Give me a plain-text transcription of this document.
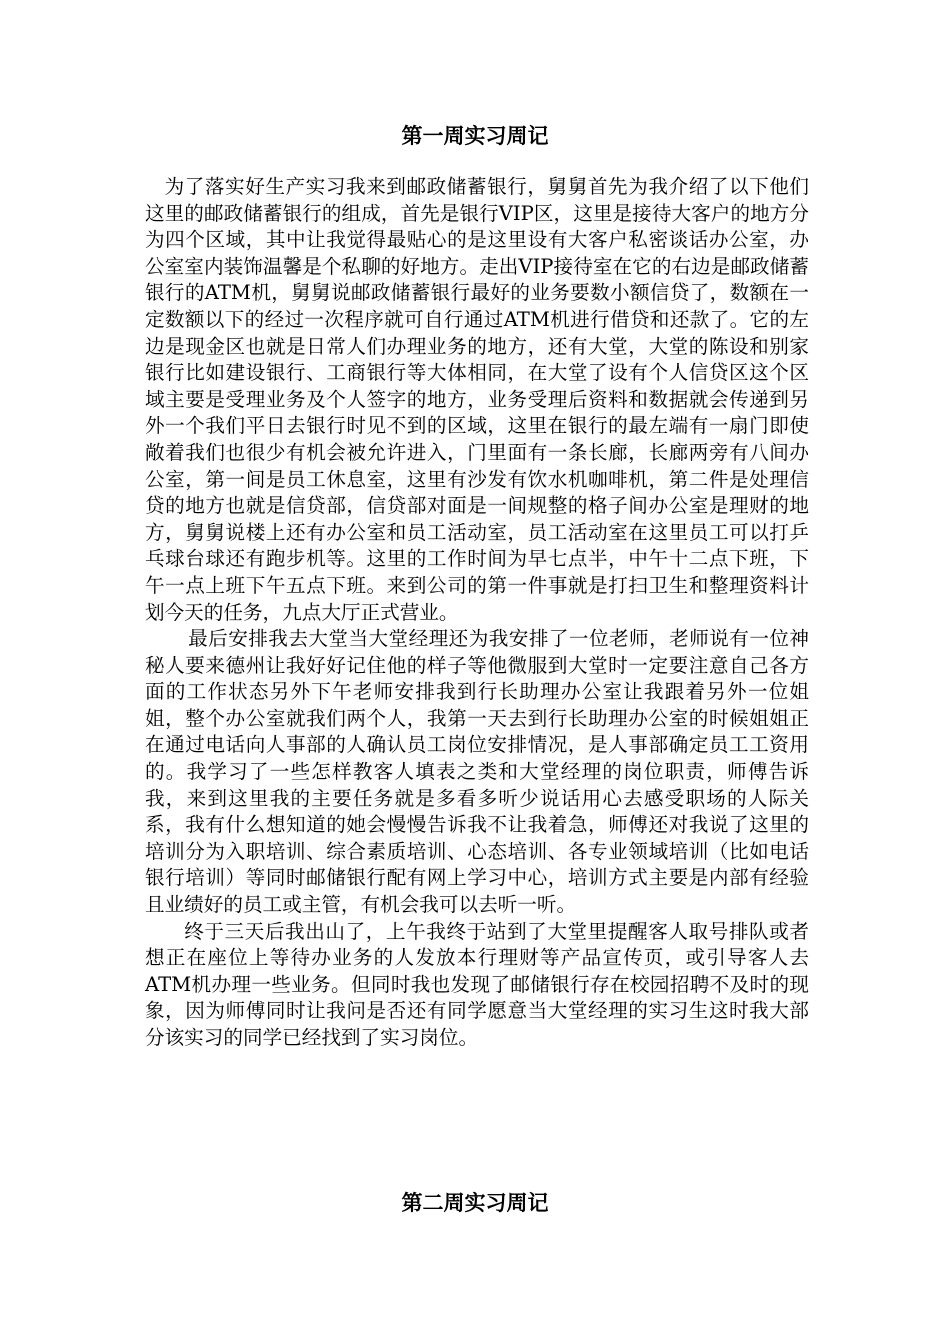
第一周实习周记

为了落实好生产实习我来到邮政储蓄银行，舅舅首先为我介绍了以下他们这里的邮政储蓄银行的组成，首先是银行VIP区，这里是接待大客户的地方分为四个区域，其中让我觉得最贴心的是这里设有大客户私密谈话办公室，办公室室内装饰温馨是个私聊的好地方。走出VIP接待室在它的右边是邮政储蓄银行的ATM机，舅舅说邮政储蓄银行最好的业务要数小额信贷了，数额在一定数额以下的经过一次程序就可自行通过ATM机进行借贷和还款了。它的左边是现金区也就是日常人们办理业务的地方，还有大堂，大堂的陈设和别家银行比如建设银行、工商银行等大体相同，在大堂了设有个人信贷区这个区域主要是受理业务及个人签字的地方，业务受理后资料和数据就会传递到另外一个我们平日去银行时见不到的区域，这里在银行的最左端有一扇门即使敞着我们也很少有机会被允许进入，门里面有一条长廊，长廊两旁有八间办公室，第一间是员工休息室，这里有沙发有饮水机咖啡机，第二件是处理信贷的地方也就是信贷部，信贷部对面是一间规整的格子间办公室是理财的地方，舅舅说楼上还有办公室和员工活动室，员工活动室在这里员工可以打乒乓球台球还有跑步机等。这里的工作时间为早七点半，中午十二点下班，下午一点上班下午五点下班。来到公司的第一件事就是打扫卫生和整理资料计划今天的任务，九点大厅正式营业。

最后安排我去大堂当大堂经理还为我安排了一位老师，老师说有一位神秘人要来德州让我好好记住他的样子等他微服到大堂时一定要注意自己各方面的工作状态另外下午老师安排我到行长助理办公室让我跟着另外一位姐姐，整个办公室就我们两个人，我第一天去到行长助理办公室的时候姐姐正在通过电话向人事部的人确认员工岗位安排情况，是人事部确定员工工资用的。我学习了一些怎样教客人填表之类和大堂经理的岗位职责，师傅告诉我，来到这里我的主要任务就是多看多听少说话用心去感受职场的人际关系，我有什么想知道的她会慢慢告诉我不让我着急，师傅还对我说了这里的培训分为入职培训、综合素质培训、心态培训、各专业领域培训（比如电话银行培训）等同时邮储银行配有网上学习中心，培训方式主要是内部有经验且业绩好的员工或主管，有机会我可以去听一听。

终于三天后我出山了，上午我终于站到了大堂里提醒客人取号排队或者想正在座位上等待办业务的人发放本行理财等产品宣传页，或引导客人去ATM机办理一些业务。但同时我也发现了邮储银行存在校园招聘不及时的现象，因为师傅同时让我问是否还有同学愿意当大堂经理的实习生这时我大部分该实习的同学已经找到了实习岗位。

第二周实习周记
